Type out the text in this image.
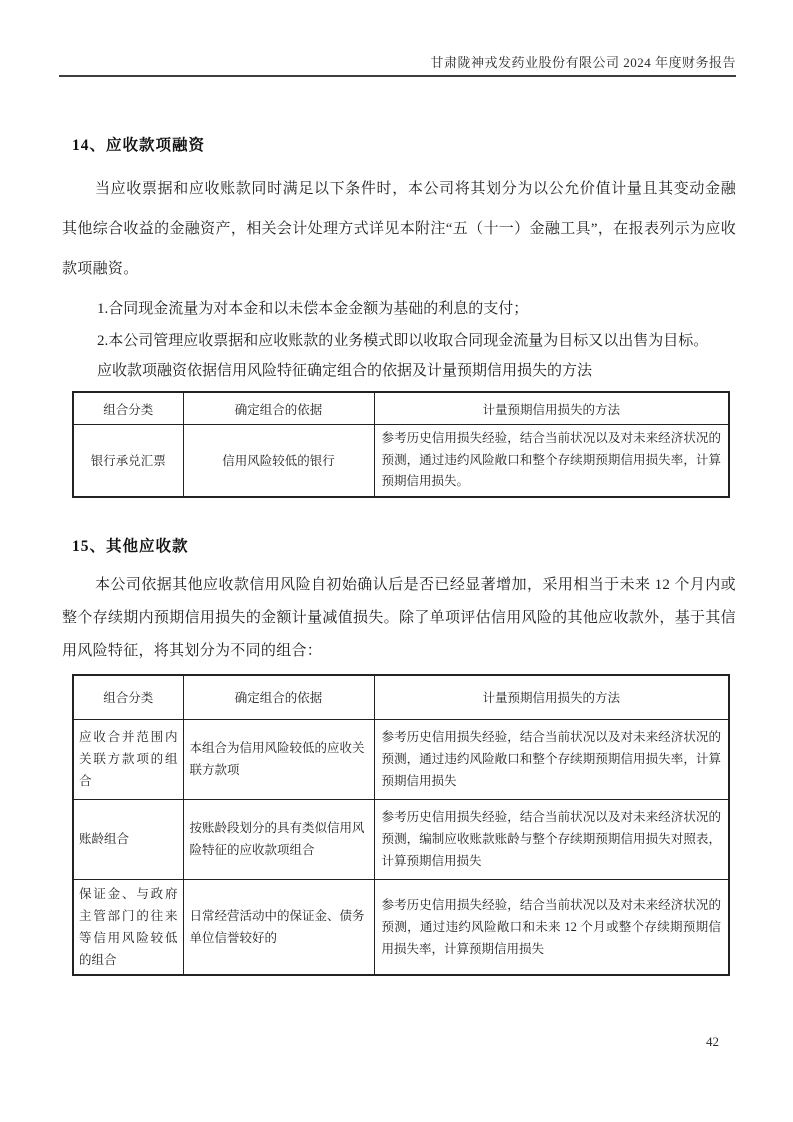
甘肃陇神戎发药业股份有限公司 2024 年度财务报告
14、应收款项融资

当应收票据和应收账款同时满足以下条件时，本公司将其划分为以公允价值计量且其变动金融其他综合收益的金融资产，相关会计处理方式详见本附注“五（十一）金融工具”，在报表列示为应收款项融资。

1.合同现金流量为对本金和以未偿本金金额为基础的利息的支付；

2.本公司管理应收票据和应收账款的业务模式即以收取合同现金流量为目标又以出售为目标。

应收款项融资依据信用风险特征确定组合的依据及计量预期信用损失的方法

组合分类	确定组合的依据	计量预期信用损失的方法
银行承兑汇票	信用风险较低的银行	参考历史信用损失经验，结合当前状况以及对未来经济状况的预测，通过违约风险敞口和整个存续期预期信用损失率，计算预期信用损失。
15、其他应收款

本公司依据其他应收款信用风险自初始确认后是否已经显著增加，采用相当于未来 12 个月内或整个存续期内预期信用损失的金额计量减值损失。除了单项评估信用风险的其他应收款外，基于其信用风险特征，将其划分为不同的组合：

组合分类	确定组合的依据	计量预期信用损失的方法
应收合并范围内关联方款项的组合	本组合为信用风险较低的应收关联方款项	参考历史信用损失经验，结合当前状况以及对未来经济状况的预测，通过违约风险敞口和整个存续期预期信用损失率，计算预期信用损失
账龄组合	按账龄段划分的具有类似信用风险特征的应收款项组合	参考历史信用损失经验，结合当前状况以及对未来经济状况的预测，编制应收账款账龄与整个存续期预期信用损失对照表，计算预期信用损失
保证金、与政府主管部门的往来等信用风险较低的组合	日常经营活动中的保证金、债务单位信誉较好的	参考历史信用损失经验，结合当前状况以及对未来经济状况的预测，通过违约风险敞口和未来 12 个月或整个存续期预期信用损失率，计算预期信用损失
42
